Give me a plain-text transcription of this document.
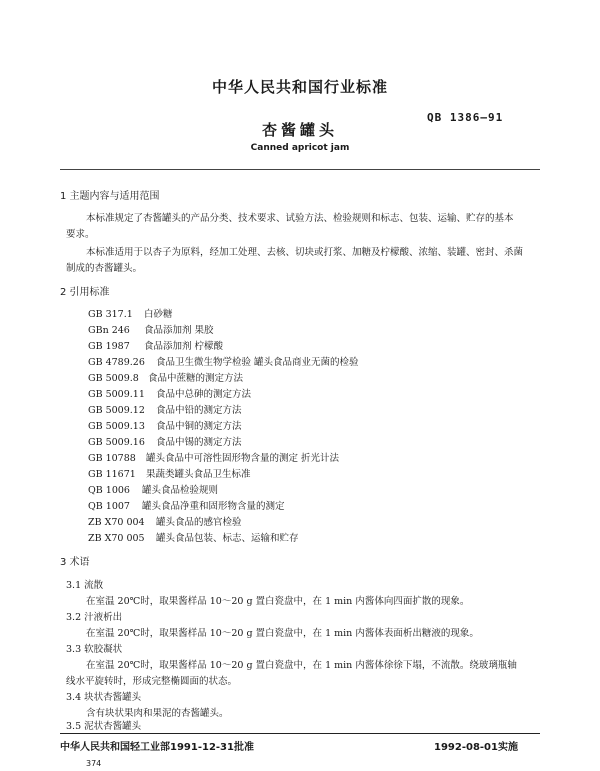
中华人民共和国行业标准
杏酱罐头
QB 1386—91
Canned apricot jam
1 主题内容与适用范围
本标准规定了杏酱罐头的产品分类、技术要求、试验方法、检验规则和标志、包装、运输、贮存的基本
要求。
本标准适用于以杏子为原料，经加工处理、去核、切块或打浆、加糖及柠檬酸、浓缩、装罐、密封、杀菌
制成的杏酱罐头。
2 引用标准
GB 317.1 白砂糖
GBn 246 食品添加剂 果胶
GB 1987 食品添加剂 柠檬酸
GB 4789.26 食品卫生微生物学检验 罐头食品商业无菌的检验
GB 5009.8 食品中蔗糖的测定方法
GB 5009.11 食品中总砷的测定方法
GB 5009.12 食品中铅的测定方法
GB 5009.13 食品中铜的测定方法
GB 5009.16 食品中锡的测定方法
GB 10788 罐头食品中可溶性固形物含量的测定 折光计法
GB 11671 果蔬类罐头食品卫生标准
QB 1006 罐头食品检验规则
QB 1007 罐头食品净重和固形物含量的测定
ZB X70 004 罐头食品的感官检验
ZB X70 005 罐头食品包装、标志、运输和贮存
3 术语
3.1 流散
在室温 20℃时，取果酱样品 10～20 g 置白瓷盘中，在 1 min 内酱体向四面扩散的现象。
3.2 汁液析出
在室温 20℃时，取果酱样品 10～20 g 置白瓷盘中，在 1 min 内酱体表面析出糖液的现象。
3.3 软胶凝状
在室温 20℃时，取果酱样品 10～20 g 置白瓷盘中，在 1 min 内酱体徐徐下塌，不流散。绕玻璃瓶轴
线水平旋转时，形成完整椭圆面的状态。
3.4 块状杏酱罐头
含有块状果肉和果泥的杏酱罐头。
3.5 泥状杏酱罐头
中华人民共和国轻工业部1991-12-31批准	1992-08-01实施
374
